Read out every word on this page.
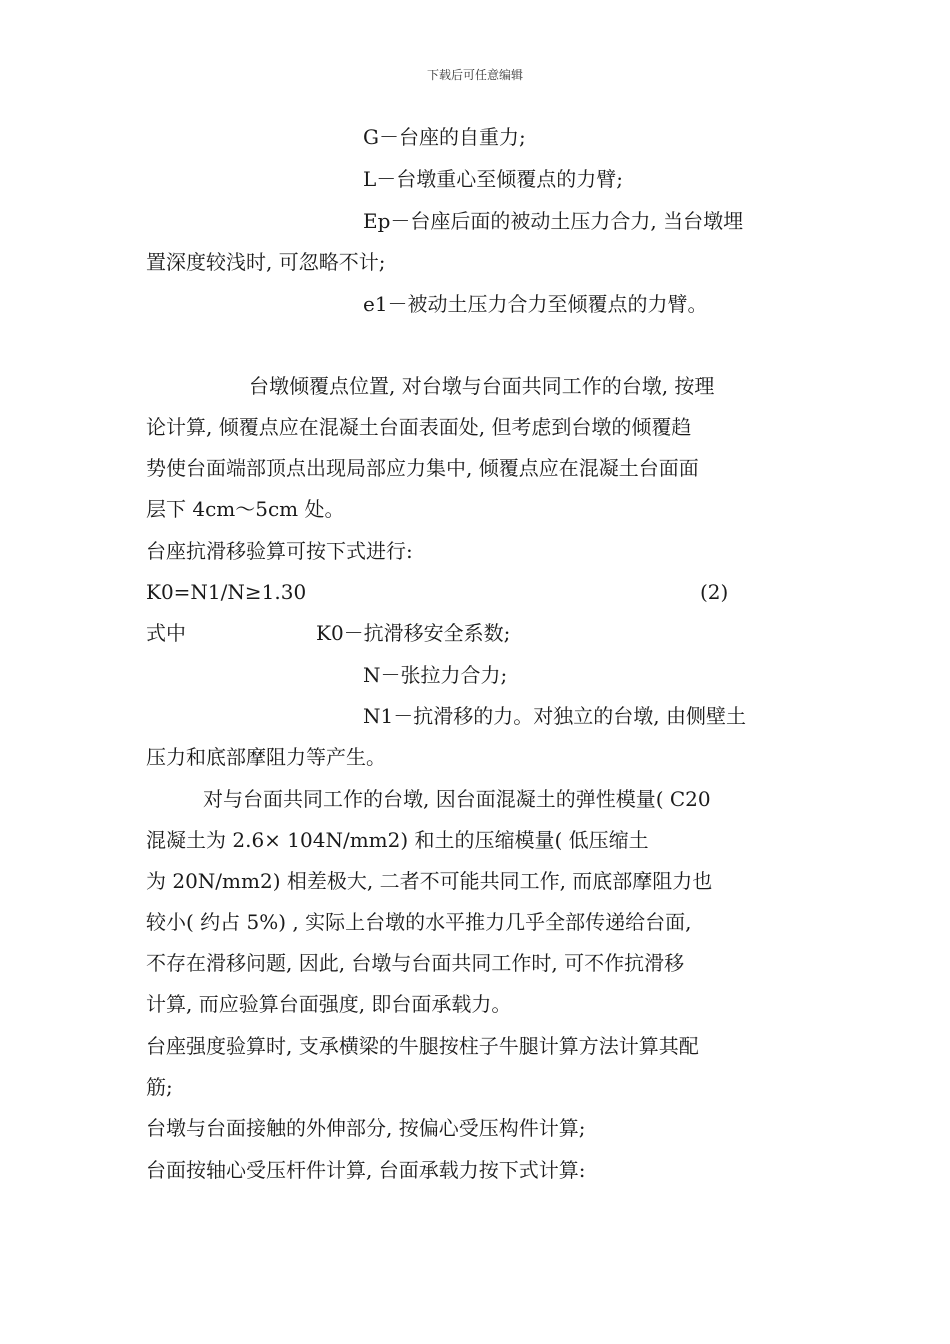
下载后可任意编辑
G－台座的自重力;
L－台墩重心至倾覆点的力臂;
Ep－台座后面的被动土压力合力, 当台墩埋
置深度较浅时, 可忽略不计;
e1－被动土压力合力至倾覆点的力臂。
台墩倾覆点位置, 对台墩与台面共同工作的台墩, 按理
论计算, 倾覆点应在混凝土台面表面处, 但考虑到台墩的倾覆趋
势使台面端部顶点出现局部应力集中, 倾覆点应在混凝土台面面
层下 4cm～5cm 处。
台座抗滑移验算可按下式进行:
K0=N1/N≥1.30	(2)
式中	K0－抗滑移安全系数;
N－张拉力合力;
N1－抗滑移的力。对独立的台墩, 由侧壁土
压力和底部摩阻力等产生。
对与台面共同工作的台墩, 因台面混凝土的弹性模量( C20
混凝土为 2.6× 104N/mm2) 和土的压缩模量( 低压缩土
为 20N/mm2) 相差极大, 二者不可能共同工作, 而底部摩阻力也
较小( 约占 5%) , 实际上台墩的水平推力几乎全部传递给台面,
不存在滑移问题, 因此, 台墩与台面共同工作时, 可不作抗滑移
计算, 而应验算台面强度, 即台面承载力。
台座强度验算时, 支承横梁的牛腿按柱子牛腿计算方法计算其配
筋;
台墩与台面接触的外伸部分, 按偏心受压构件计算;
台面按轴心受压杆件计算, 台面承载力按下式计算:
